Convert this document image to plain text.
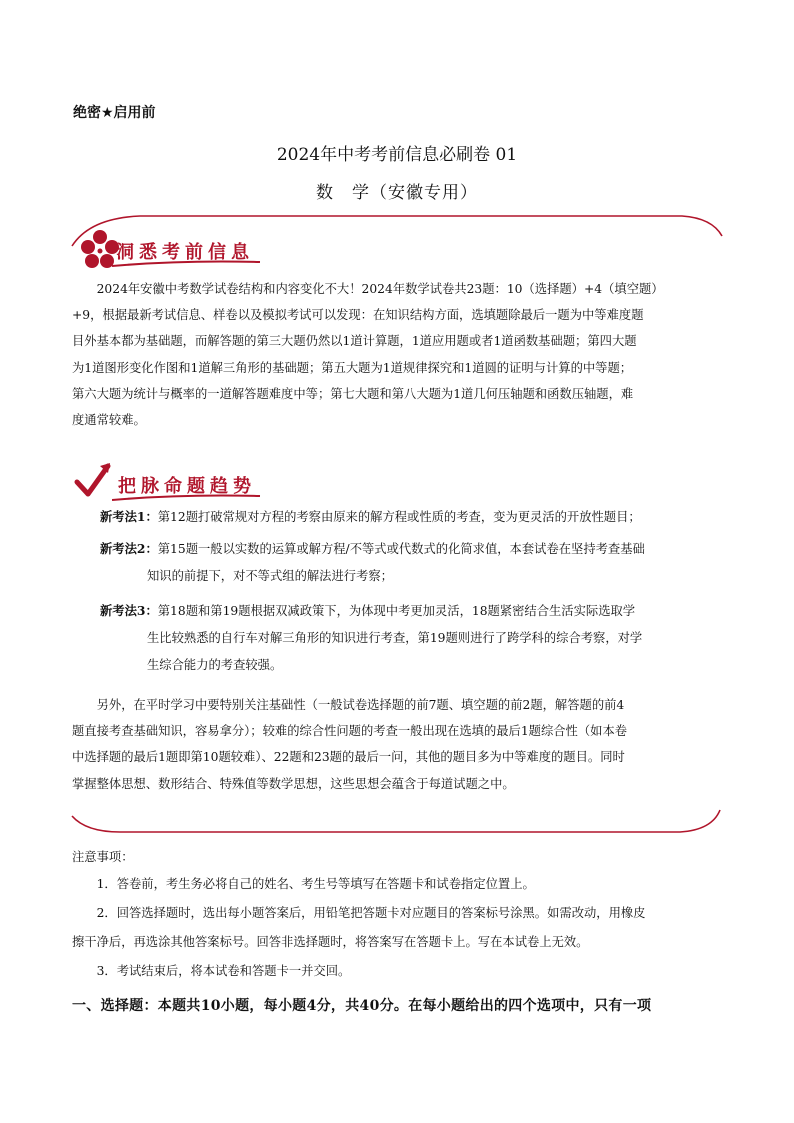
绝密★启用前
2024年中考考前信息必刷卷 01
数　学（安徽专用）
洞悉考前信息
2024年安徽中考数学试卷结构和内容变化不大！2024年数学试卷共23题：10（选择题）+4（填空题）
+9，根据最新考试信息、样卷以及模拟考试可以发现：在知识结构方面，选填题除最后一题为中等难度题
目外基本都为基础题，而解答题的第三大题仍然以1道计算题，1道应用题或者1道函数基础题；第四大题
为1道图形变化作图和1道解三角形的基础题；第五大题为1道规律探究和1道圆的证明与计算的中等题；
第六大题为统计与概率的一道解答题难度中等；第七大题和第八大题为1道几何压轴题和函数压轴题，难
度通常较难。
把脉命题趋势
新考法1：第12题打破常规对方程的考察由原来的解方程或性质的考查，变为更灵活的开放性题目；
新考法2：第15题一般以实数的运算或解方程/不等式或代数式的化简求值，本套试卷在坚持考查基础
知识的前提下，对不等式组的解法进行考察；
新考法3：第18题和第19题根据双减政策下，为体现中考更加灵活，18题紧密结合生活实际选取学
生比较熟悉的自行车对解三角形的知识进行考查，第19题则进行了跨学科的综合考察，对学
生综合能力的考查较强。
另外，在平时学习中要特别关注基础性（一般试卷选择题的前7题、填空题的前2题，解答题的前4
题直接考查基础知识，容易拿分）；较难的综合性问题的考查一般出现在选填的最后1题综合性（如本卷
中选择题的最后1题即第10题较难）、22题和23题的最后一问，其他的题目多为中等难度的题目。同时
掌握整体思想、数形结合、特殊值等数学思想，这些思想会蕴含于每道试题之中。
注意事项：
1．答卷前，考生务必将自己的姓名、考生号等填写在答题卡和试卷指定位置上。
2．回答选择题时，选出每小题答案后，用铅笔把答题卡对应题目的答案标号涂黑。如需改动，用橡皮
擦干净后，再选涂其他答案标号。回答非选择题时，将答案写在答题卡上。写在本试卷上无效。
3．考试结束后，将本试卷和答题卡一并交回。
一、选择题：本题共10小题，每小题4分，共40分。在每小题给出的四个选项中，只有一项
